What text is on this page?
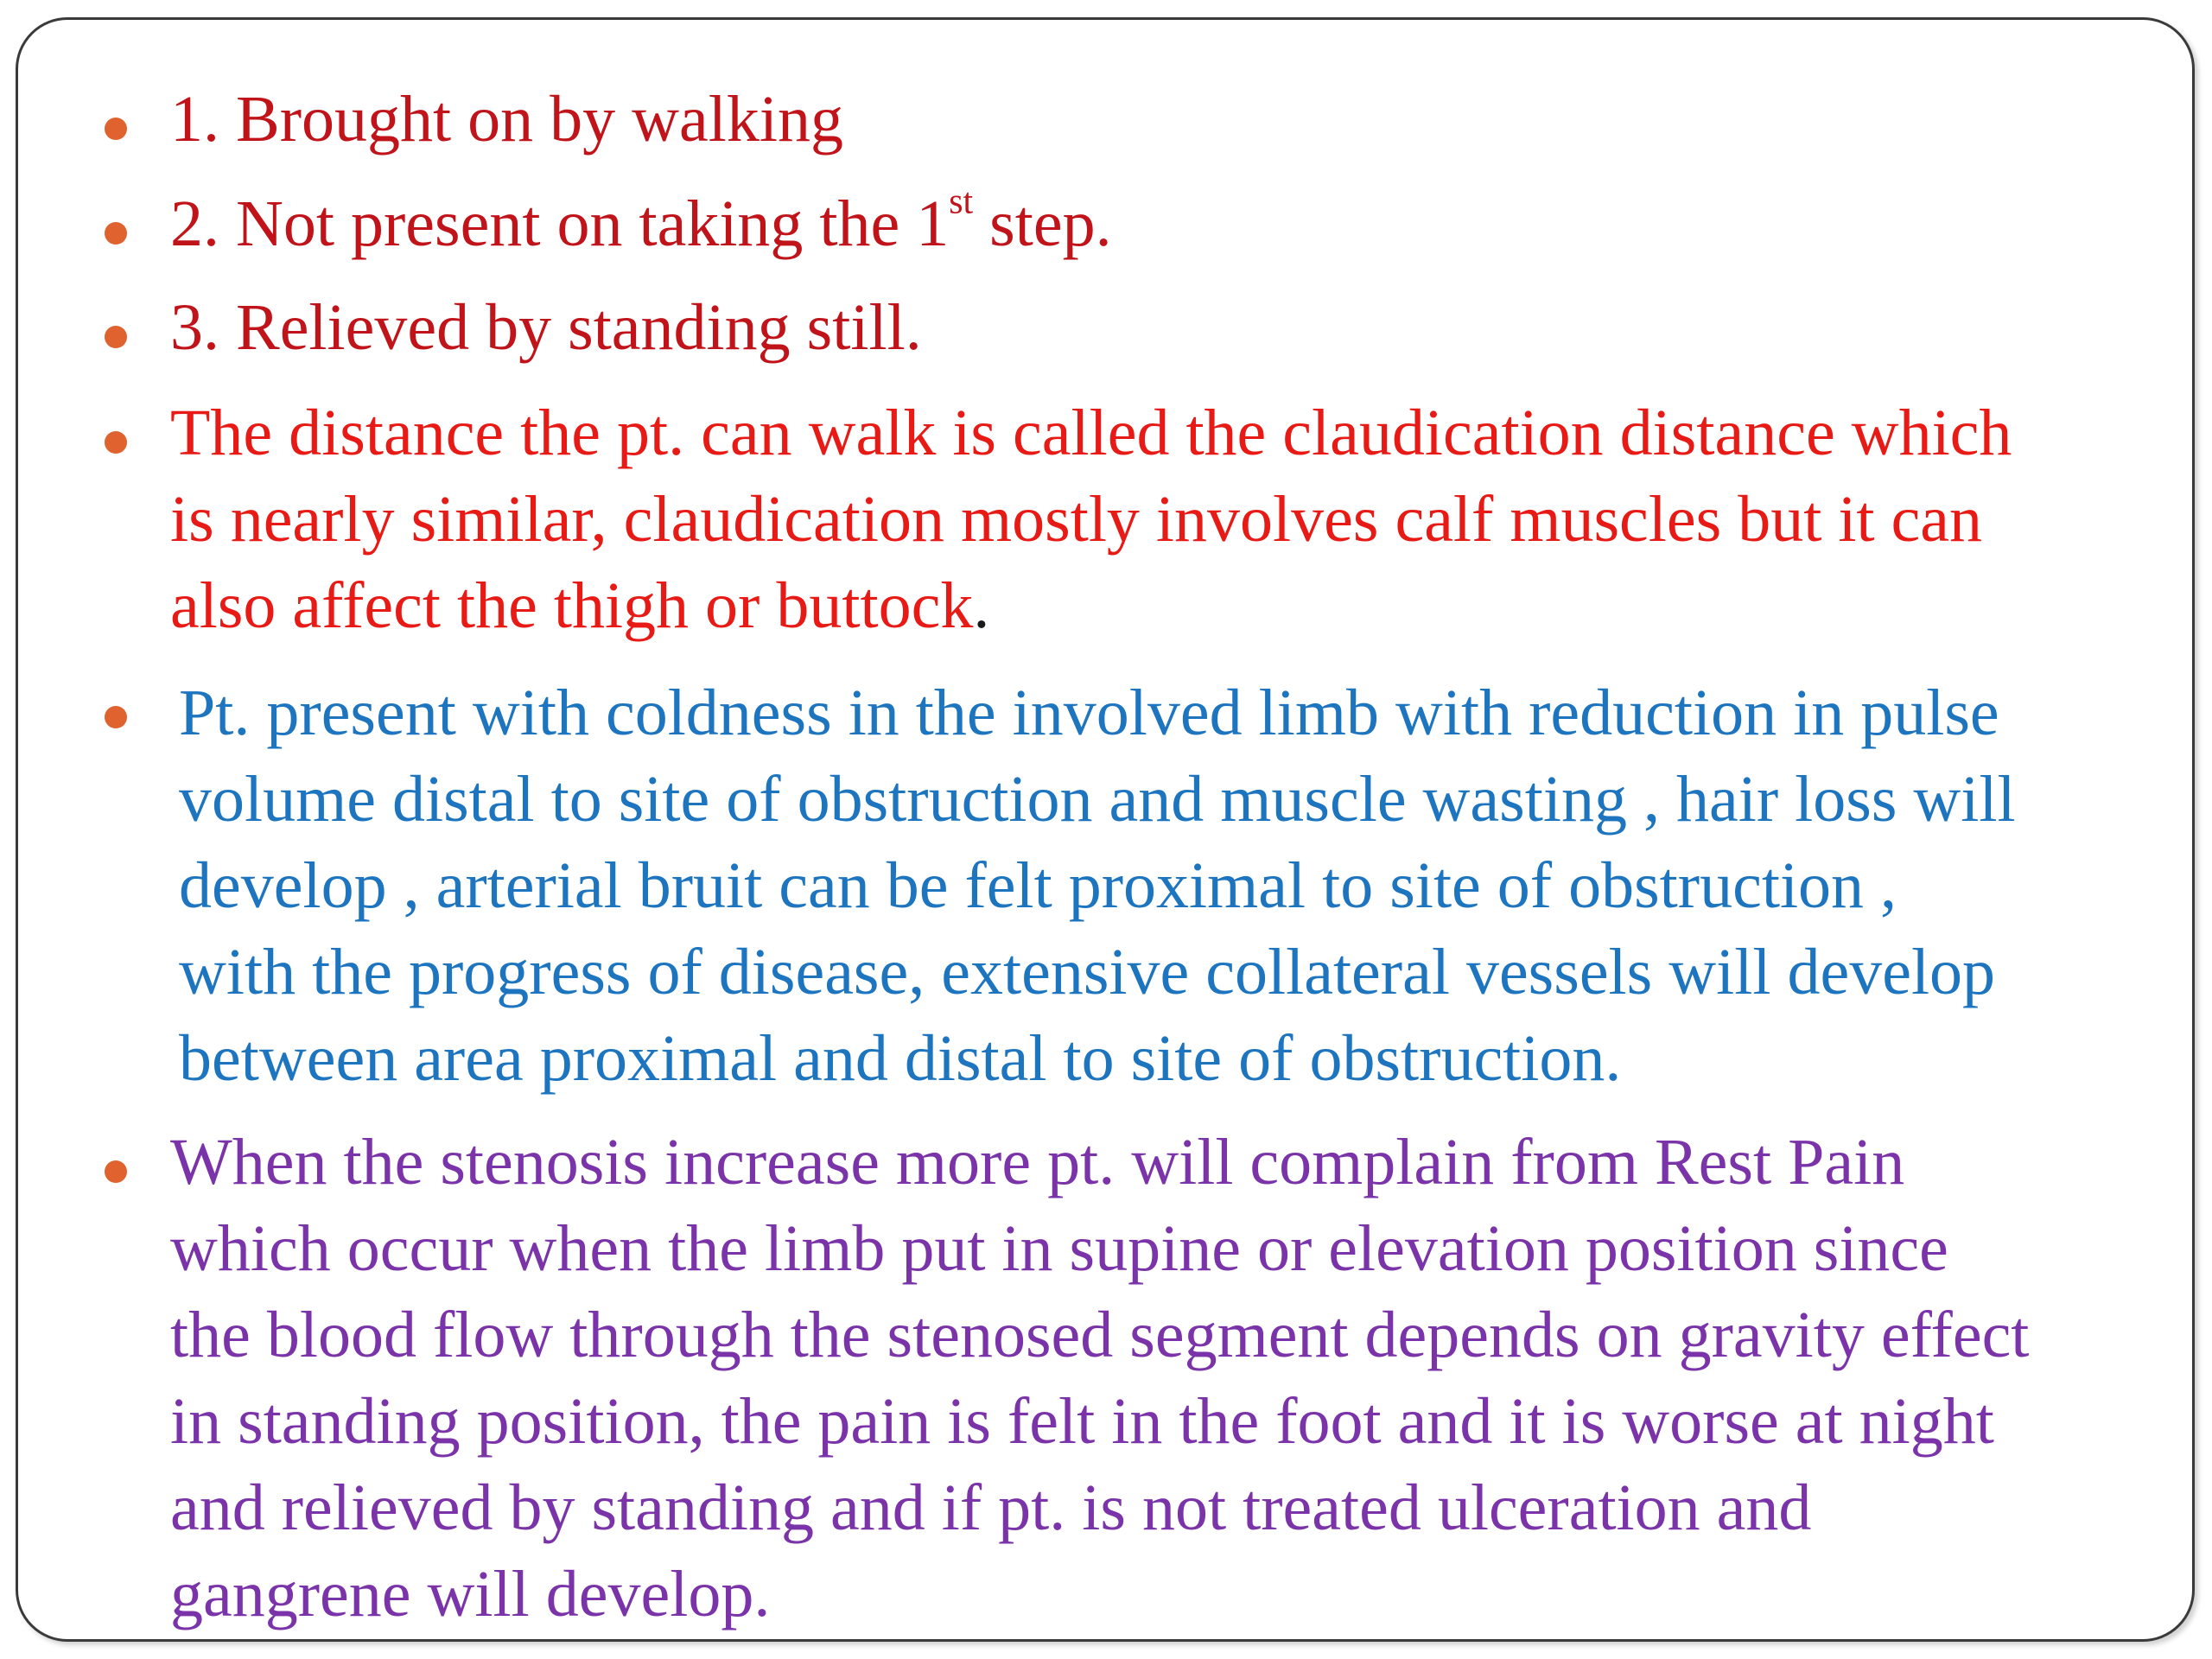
1. Brought on by walking
2. Not present on taking the 1st step.
3. Relieved by standing still.
The distance the pt. can walk is called the claudication distance which
is nearly similar, claudication mostly involves calf muscles but it can
also affect the thigh or buttock.
Pt. present with coldness in the involved limb with reduction in pulse
volume distal to site of obstruction and muscle wasting , hair loss will
develop , arterial bruit can be felt proximal to site of obstruction ,
with the progress of disease, extensive collateral vessels will develop
between area proximal and distal to site of obstruction.
When the stenosis increase more pt. will complain from Rest Pain
which occur when the limb put in supine or elevation position since
the blood flow through the stenosed segment depends on gravity effect
in standing position, the pain is felt in the foot and it is worse at night
and relieved by standing and if pt. is not treated ulceration and
gangrene will develop.
